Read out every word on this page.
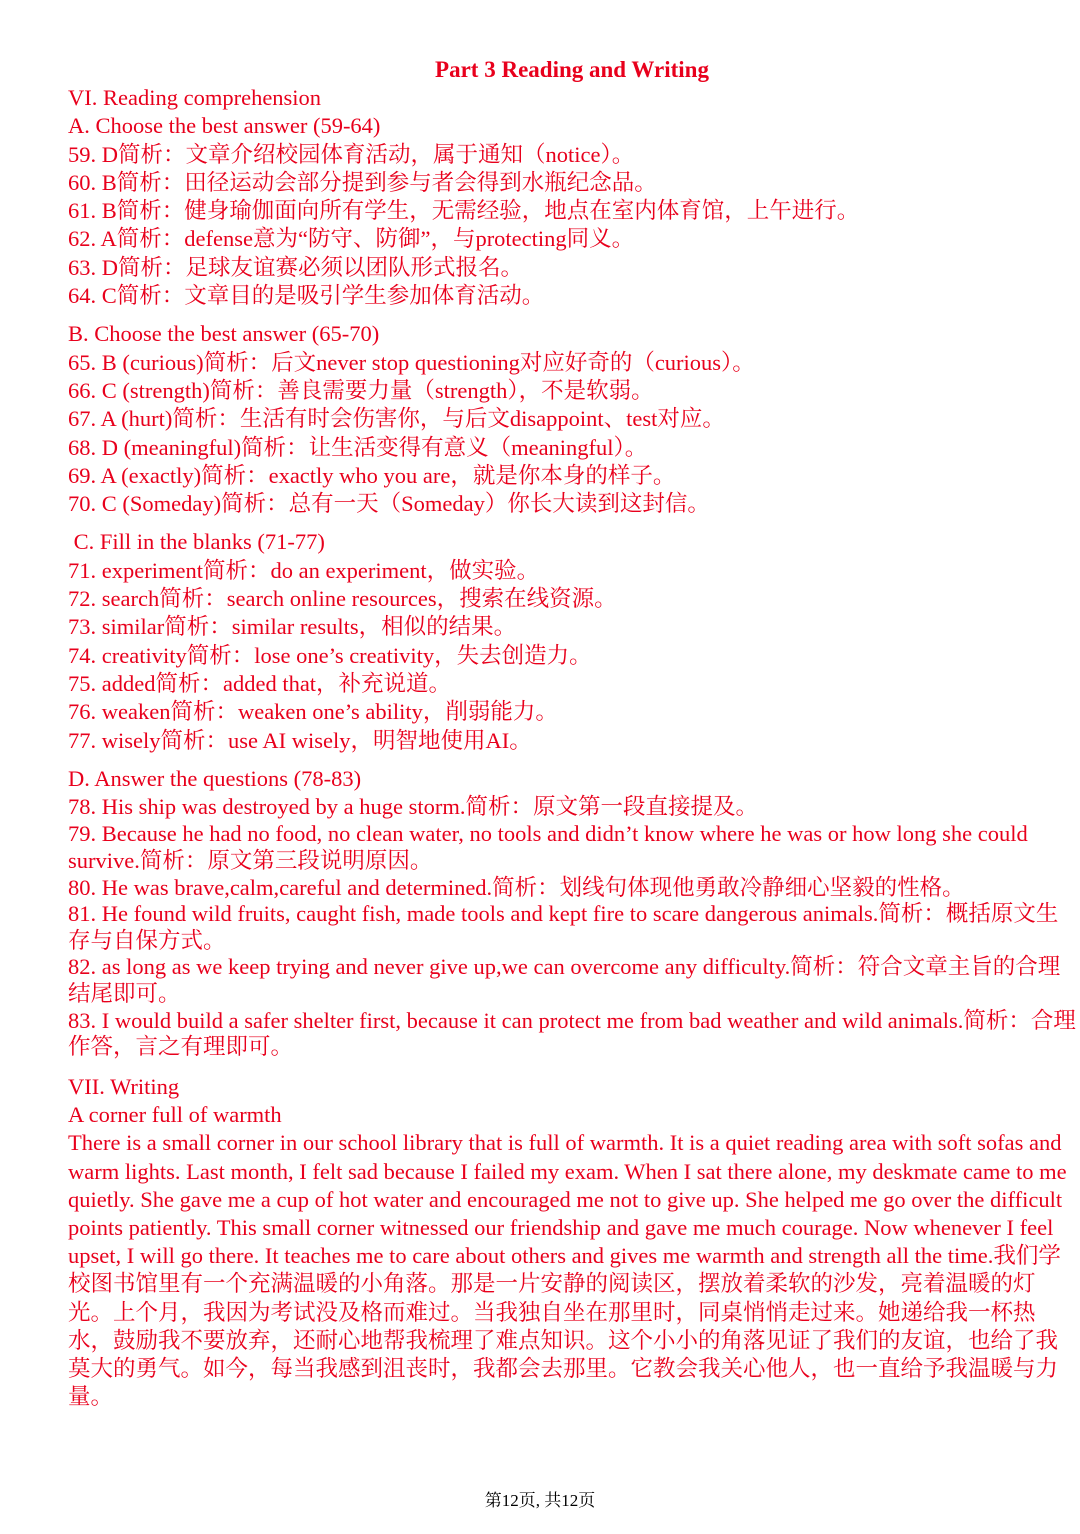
Part 3 Reading and Writing
VI. Reading comprehension
A. Choose the best answer (59-64)
59. D简析：文章介绍校园体育活动，属于通知（notice）。
60. B简析：田径运动会部分提到参与者会得到水瓶纪念品。
61. B简析：健身瑜伽面向所有学生，无需经验，地点在室内体育馆，上午进行。
62. A简析：defense意为“防守、防御”，与protecting同义。
63. D简析：足球友谊赛必须以团队形式报名。
64. C简析：文章目的是吸引学生参加体育活动。
B. Choose the best answer (65-70)
65. B (curious)简析：后文never stop questioning对应好奇的（curious）。
66. C (strength)简析：善良需要力量（strength），不是软弱。
67. A (hurt)简析：生活有时会伤害你，与后文disappoint、test对应。
68. D (meaningful)简析：让生活变得有意义（meaningful）。
69. A (exactly)简析：exactly who you are，就是你本身的样子。
70. C (Someday)简析：总有一天（Someday）你长大读到这封信。
C. Fill in the blanks (71-77)
71. experiment简析：do an experiment，做实验。
72. search简析：search online resources，搜索在线资源。
73. similar简析：similar results，相似的结果。
74. creativity简析：lose one’s creativity，失去创造力。
75. added简析：added that，补充说道。
76. weaken简析：weaken one’s ability，削弱能力。
77. wisely简析：use AI wisely，明智地使用AI。
D. Answer the questions (78-83)
78. His ship was destroyed by a huge storm.简析：原文第一段直接提及。
79. Because he had no food, no clean water, no tools and didn’t know where he was or how long she could survive.简析：原文第三段说明原因。
80. He was brave,calm,careful and determined.简析：划线句体现他勇敢冷静细心坚毅的性格。
81. He found wild fruits, caught fish, made tools and kept fire to scare dangerous animals.简析：概括原文生存与自保方式。
82. as long as we keep trying and never give up,we can overcome any difficulty.简析：符合文章主旨的合理结尾即可。
83. I would build a safer shelter first, because it can protect me from bad weather and wild animals.简析：合理作答，言之有理即可。
VII. Writing
A corner full of warmth
There is a small corner in our school library that is full of warmth. It is a quiet reading area with soft sofas and warm lights. Last month, I felt sad because I failed my exam. When I sat there alone, my deskmate came to me quietly. She gave me a cup of hot water and encouraged me not to give up. She helped me go over the difficult points patiently. This small corner witnessed our friendship and gave me much courage. Now whenever I feel upset, I will go there. It teaches me to care about others and gives me warmth and strength all the time.我们学校图书馆里有一个充满温暖的小角落。那是一片安静的阅读区，摆放着柔软的沙发，亮着温暖的灯光。上个月，我因为考试没及格而难过。当我独自坐在那里时，同桌悄悄走过来。她递给我一杯热水，鼓励我不要放弃，还耐心地帮我梳理了难点知识。这个小小的角落见证了我们的友谊，也给了我莫大的勇气。如今，每当我感到沮丧时，我都会去那里。它教会我关心他人，也一直给予我温暖与力量。
第12页, 共12页
